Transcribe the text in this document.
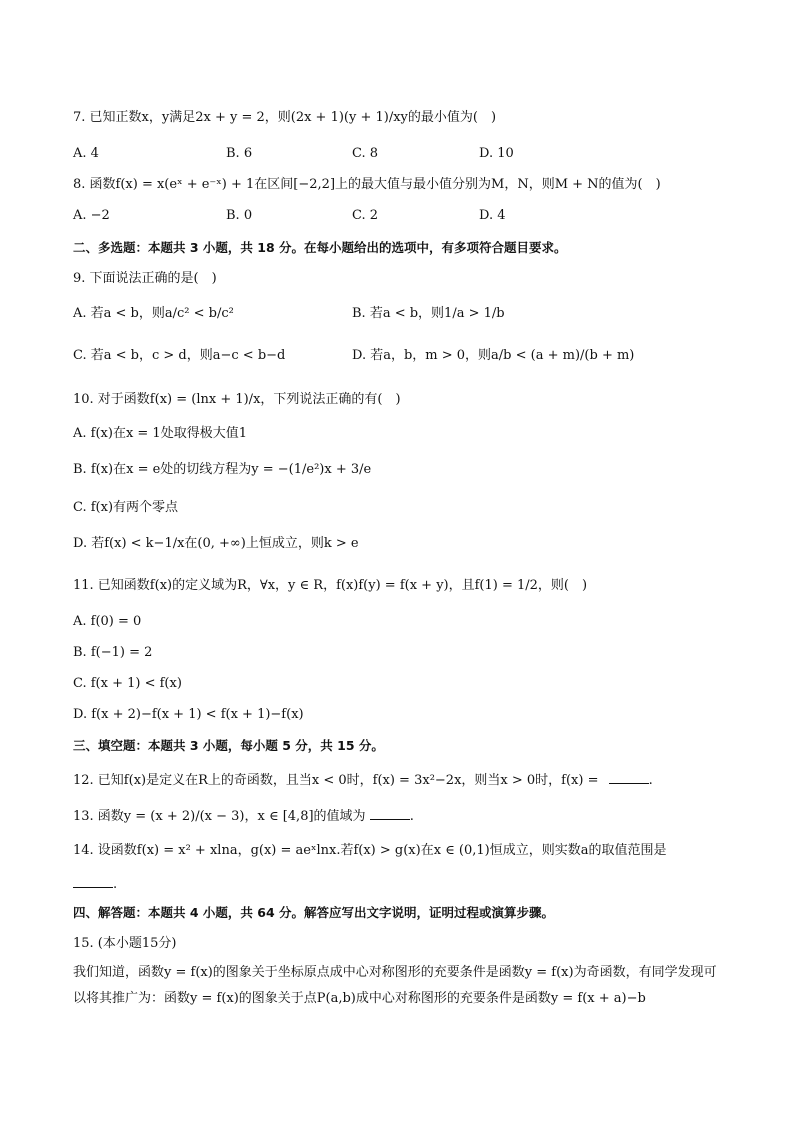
7. 已知正数x，y满足2x + y = 2，则(2x + 1)(y + 1)/xy的最小值为(　)
A. 4	B. 6	C. 8	D. 10
8. 函数f(x) = x(eˣ + e⁻ˣ) + 1在区间[−2,2]上的最大值与最小值分别为M，N，则M + N的值为(　)
A. −2	B. 0	C. 2	D. 4
二、多选题：本题共 3 小题，共 18 分。在每小题给出的选项中，有多项符合题目要求。
9. 下面说法正确的是(　)
A. 若a < b，则a/c² < b/c²	B. 若a < b，则1/a > 1/b
C. 若a < b，c > d，则a−c < b−d	D. 若a，b，m > 0，则a/b < (a + m)/(b + m)
10. 对于函数f(x) = (lnx + 1)/x，下列说法正确的有(　)
A. f(x)在x = 1处取得极大值1
B. f(x)在x = e处的切线方程为y = −(1/e²)x + 3/e
C. f(x)有两个零点
D. 若f(x) < k−1/x在(0, +∞)上恒成立，则k > e
11. 已知函数f(x)的定义域为R，∀x，y ∈ R，f(x)f(y) = f(x + y)，且f(1) = 1/2，则(　)
A. f(0) = 0
B. f(−1) = 2
C. f(x + 1) < f(x)
D. f(x + 2)−f(x + 1) < f(x + 1)−f(x)
三、填空题：本题共 3 小题，每小题 5 分，共 15 分。
12. 已知f(x)是定义在R上的奇函数，且当x < 0时，f(x) = 3x²−2x，则当x > 0时，f(x) =	.
13. 函数y = (x + 2)/(x − 3)，x ∈ [4,8]的值域为	.
14. 设函数f(x) = x² + xlna，g(x) = aeˣlnx.若f(x) > g(x)在x ∈ (0,1)恒成立，则实数a的取值范围是
.
四、解答题：本题共 4 小题，共 64 分。解答应写出文字说明，证明过程或演算步骤。
15. (本小题15分)
我们知道，函数y = f(x)的图象关于坐标原点成中心对称图形的充要条件是函数y = f(x)为奇函数，有同学发现可以将其推广为：函数y = f(x)的图象关于点P(a,b)成中心对称图形的充要条件是函数y = f(x + a)−b
